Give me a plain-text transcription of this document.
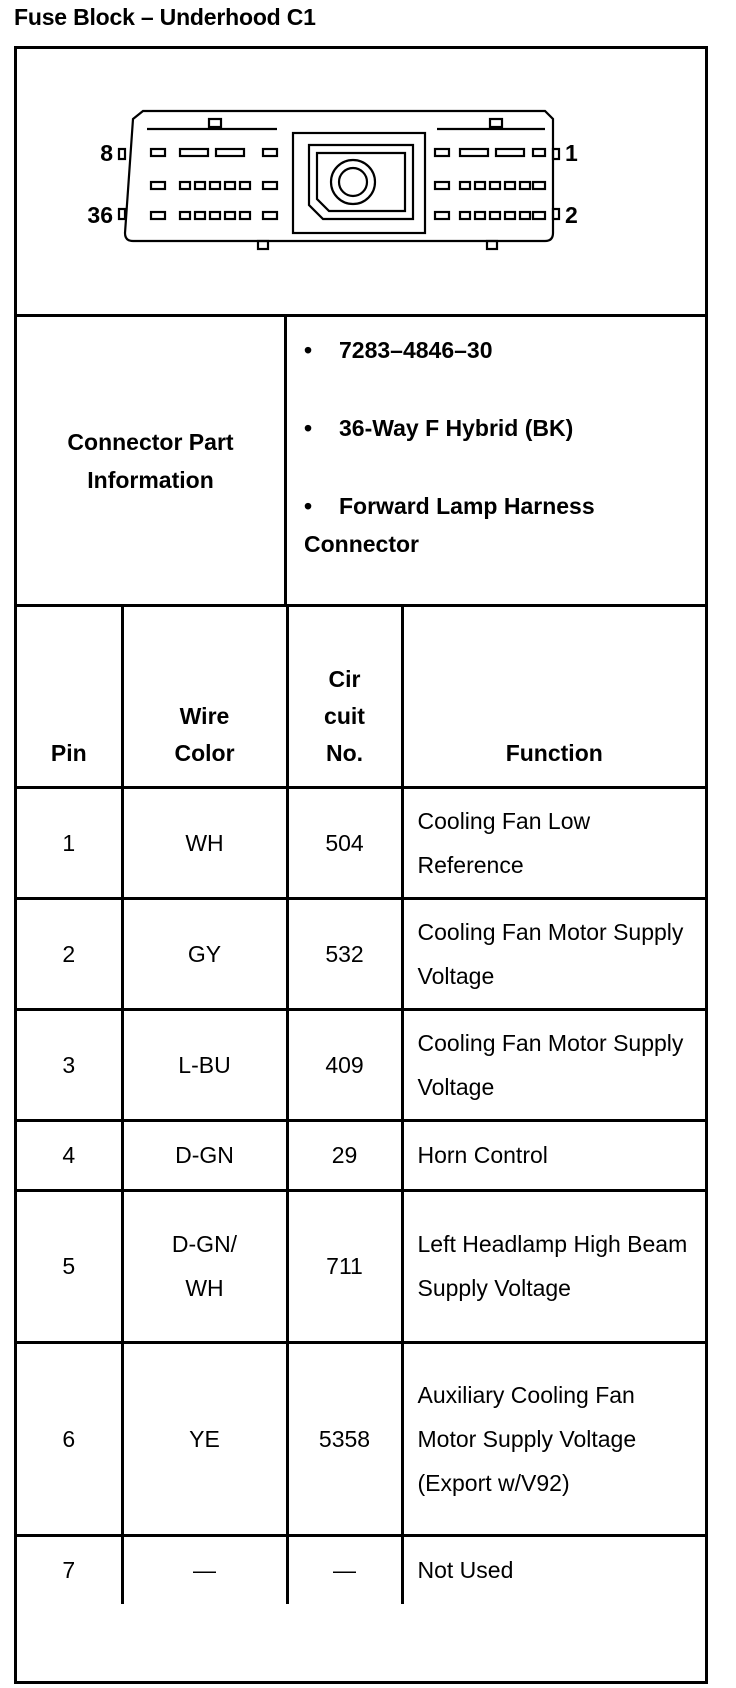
Fuse Block – Underhood C1
8
36
1
2
Connector Part Information
• 7283–4846–30
• 36-Way F Hybrid (BK)
• Forward Lamp Harness Connector
Pin	Wire Color	Cir cuit No.	Function
1	WH	504	Cooling Fan Low Reference
2	GY	532	Cooling Fan Motor Supply Voltage
3	L-BU	409	Cooling Fan Motor Supply Voltage
4	D-GN	29	Horn Control
5	D-GN/ WH	711	Left Headlamp High Beam Supply Voltage
6	YE	5358	Auxiliary Cooling Fan Motor Supply Voltage (Export w/V92)
7	—	—	Not Used
